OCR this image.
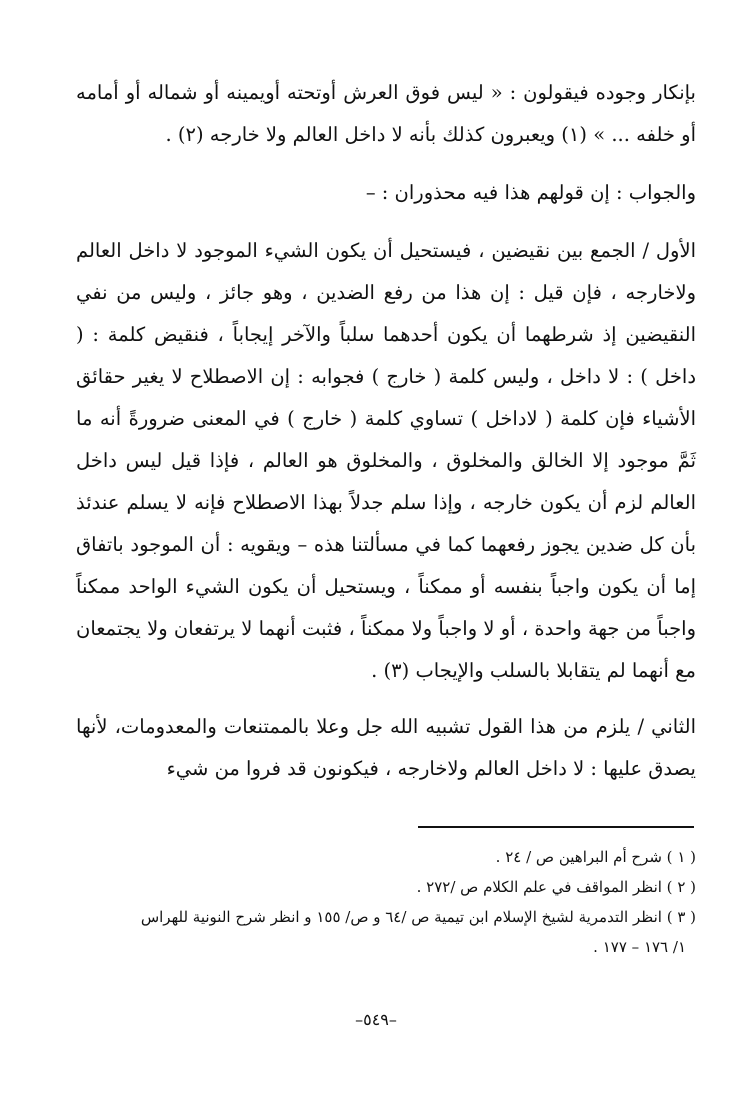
بإنكار وجوده فيقولون : « ليس فوق العرش أوتحته أويمينه أو شماله أو أمامه أو خلفه ... » (١) ويعبرون كذلك بأنه لا داخل العالم ولا خارجه (٢) .

والجواب : إن قولهم هذا فيه محذوران : –

الأول / الجمع بين نقيضين ، فيستحيل أن يكون الشيء الموجود لا داخل العالم ولاخارجه ، فإن قيل : إن هذا من رفع الضدين ، وهو جائز ، وليس من نفي النقيضين إذ شرطهما أن يكون أحدهما سلباً والآخر إيجاباً ، فنقيض كلمة : ( داخل ) : لا داخل ، وليس كلمة ( خارج ) فجوابه : إن الاصطلاح لا يغير حقائق الأشياء فإن كلمة ( لاداخل ) تساوي كلمة ( خارج ) في المعنى ضرورةً أنه ما ثَمَّ موجود إلا الخالق والمخلوق ، والمخلوق هو العالم ، فإذا قيل ليس داخل العالم لزم أن يكون خارجه ، وإذا سلم جدلاً بهذا الاصطلاح فإنه لا يسلم عندئذ بأن كل ضدين يجوز رفعهما كما في مسألتنا هذه – ويقويه : أن الموجود باتفاق إما أن يكون واجباً بنفسه أو ممكناً ، ويستحيل أن يكون الشيء الواحد ممكناً واجباً من جهة واحدة ، أو لا واجباً ولا ممكناً ، فثبت أنهما لا يرتفعان ولا يجتمعان مع أنهما لم يتقابلا بالسلب والإيجاب (٣) .

الثاني / يلزم من هذا القول تشبيه الله جل وعلا بالممتنعات والمعدومات، لأنها يصدق عليها : لا داخل العالم ولاخارجه ، فيكونون قد فروا من شيء

( ١ ) شرح أم البراهين ص / ٢٤ .

( ٢ ) انظر المواقف في علم الكلام ص /٢٧٢ .

( ٣ ) انظر التدمرية لشيخ الإسلام ابن تيمية ص /٦٤ و ص/ ١٥٥ و انظر شرح النونية للهراس

١/ ١٧٦ – ١٧٧ .

–٥٤٩–
